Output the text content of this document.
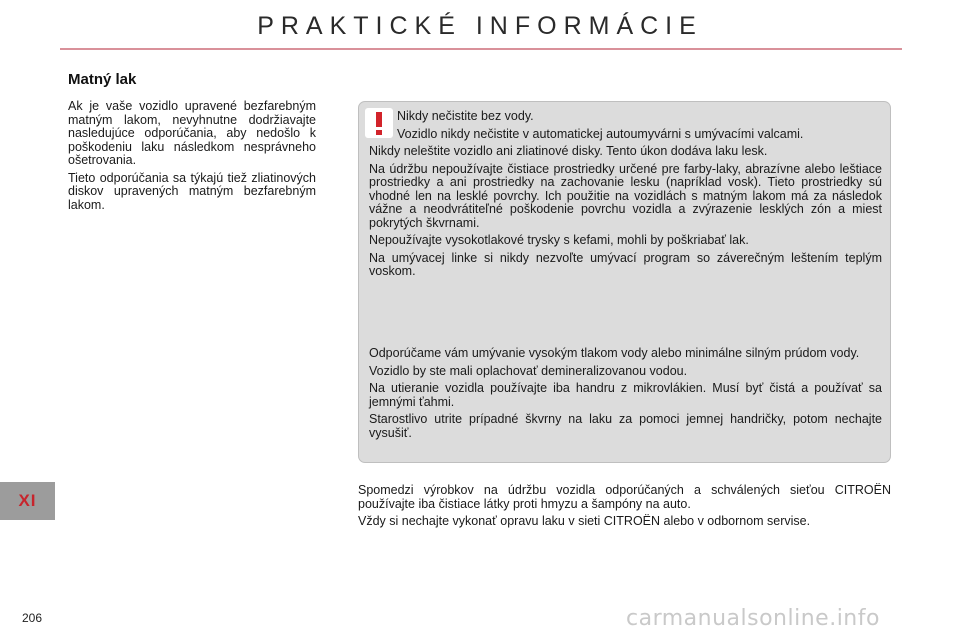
PRAKTICKÉ INFORMÁCIE
Matný lak

Ak je vaše vozidlo upravené bezfarebným matným lakom, nevyhnutne dodržiavajte nasledujúce odporúčania, aby nedošlo k poškodeniu laku následkom nesprávneho ošetrovania.

Tieto odporúčania sa týkajú tiež zliatinových diskov upravených matným bezfarebným lakom.

Nikdy nečistite bez vody.

Vozidlo nikdy nečistite v automatickej autoumyvárni s umývacími valcami.

Nikdy neleštite vozidlo ani zliatinové disky. Tento úkon dodáva laku lesk.

Na údržbu nepoužívajte čistiace prostriedky určené pre farby-laky, abrazívne alebo leštiace prostriedky a ani prostriedky na zachovanie lesku (napríklad vosk). Tieto prostriedky sú vhodné len na lesklé povrchy. Ich použitie na vozidlách s matným lakom má za následok vážne a neodvrátiteľné poškodenie povrchu vozidla a zvýrazenie lesklých zón a miest pokrytých škvrnami.

Nepoužívajte vysokotlakové trysky s kefami, mohli by poškriabať lak.

Na umývacej linke si nikdy nezvoľte umývací program so záverečným leštením teplým voskom.

Odporúčame vám umývanie vysokým tlakom vody alebo minimálne silným prúdom vody.

Vozidlo by ste mali oplachovať demineralizovanou vodou.

Na utieranie vozidla používajte iba handru z mikrovlákien. Musí byť čistá a používať sa jemnými ťahmi.

Starostlivo utrite prípadné škvrny na laku za pomoci jemnej handričky, potom nechajte vysušiť.

Spomedzi výrobkov na údržbu vozidla odporúčaných a schválených sieťou CITROËN používajte iba čistiace látky proti hmyzu a šampóny na auto.

Vždy si nechajte vykonať opravu laku v sieti CITROËN alebo v odbornom servise.

XI
206	carmanualsonline.info
